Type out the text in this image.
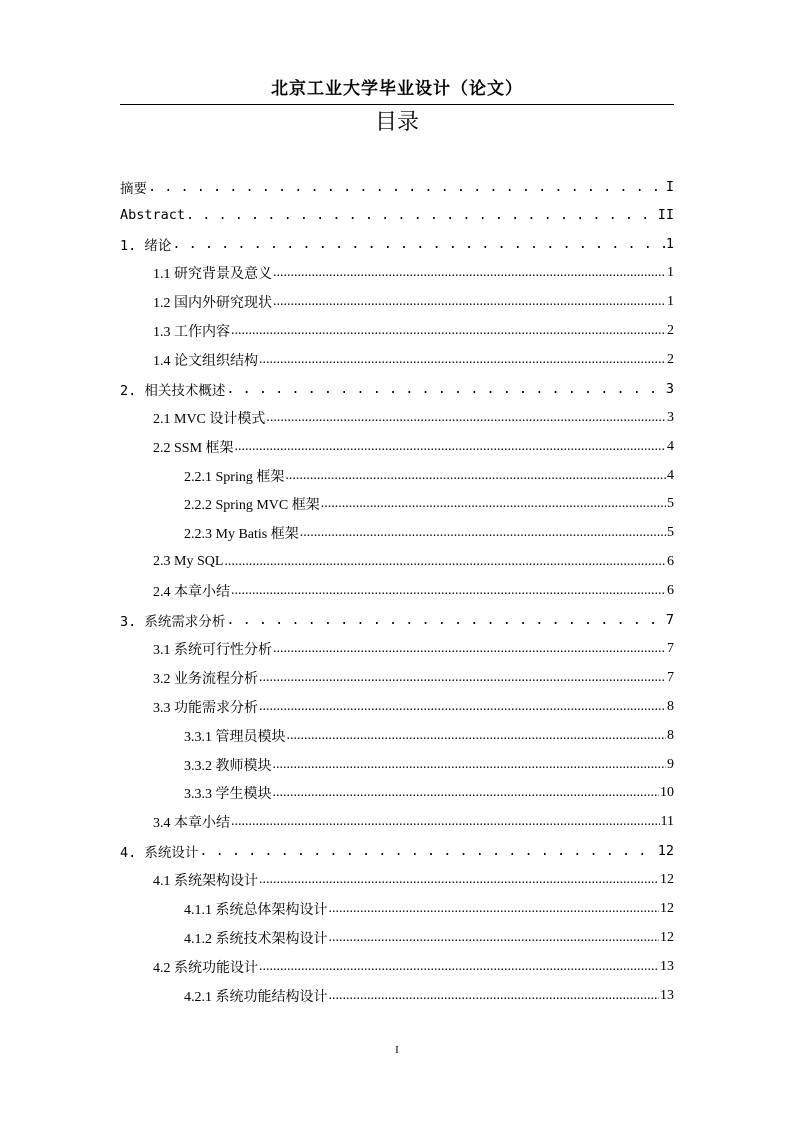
北京工业大学毕业设计（论文）
目录
摘要 . . .	I
Abstract . . .	II
1. 绪论 . . .	1
1.1 研究背景及意义 .....	1
1.2 国内外研究现状 .....	1
1.3 工作内容 .....	2
1.4 论文组织结构 .....	2
2. 相关技术概述 . . .	3
2.1 MVC 设计模式 .....	3
2.2 SSM 框架 .....	4
2.2.1 Spring 框架 .....	4
2.2.2 Spring MVC 框架 .....	5
2.2.3 My Batis 框架 .....	5
2.3 My SQL .....	6
2.4 本章小结 .....	6
3. 系统需求分析 . . .	7
3.1 系统可行性分析 .....	7
3.2 业务流程分析 .....	7
3.3 功能需求分析 .....	8
3.3.1 管理员模块 .....	8
3.3.2 教师模块 .....	9
3.3.3 学生模块 .....	10
3.4 本章小结 .....	11
4. 系统设计 . . .	12
4.1 系统架构设计 .....	12
4.1.1 系统总体架构设计 .....	12
4.1.2 系统技术架构设计 .....	12
4.2 系统功能设计 .....	13
4.2.1 系统功能结构设计 .....	13
I
